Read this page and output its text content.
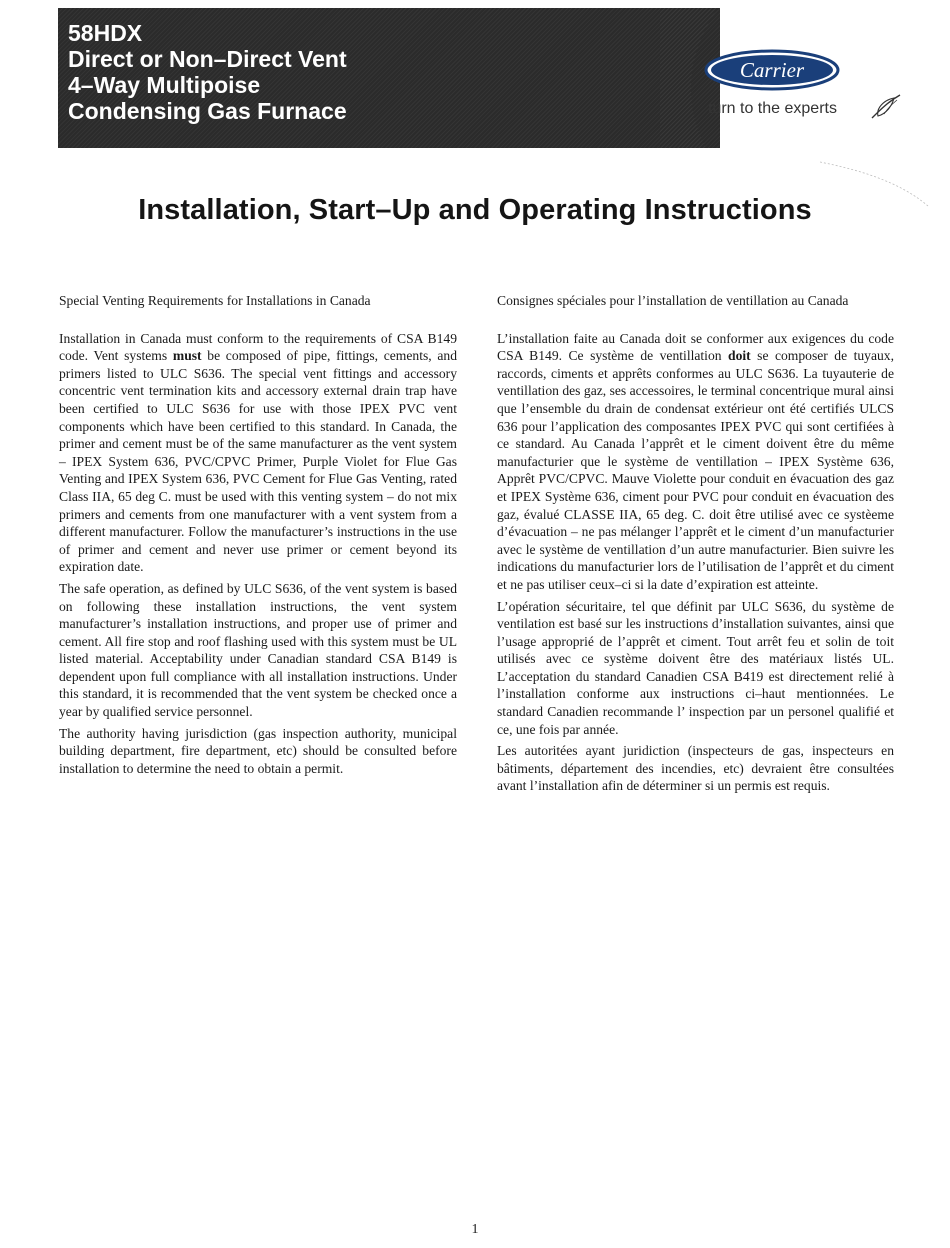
58HDX
Direct or Non–Direct Vent
4–Way Multipoise
Condensing Gas Furnace
Carrier
turn to the experts
Installation, Start–Up and Operating Instructions
Special Venting Requirements for Installations in Canada

Installation in Canada must conform to the requirements of CSA B149 code. Vent systems must be composed of pipe, fittings, cements, and primers listed to ULC S636. The special vent fittings and accessory concentric vent termination kits and accessory external drain trap have been certified to ULC S636 for use with those IPEX PVC vent components which have been certified to this standard. In Canada, the primer and cement must be of the same manufacturer as the vent system – IPEX System 636, PVC/CPVC Primer, Purple Violet for Flue Gas Venting and IPEX System 636, PVC Cement for Flue Gas Venting, rated Class IIA, 65 deg C. must be used with this venting system – do not mix primers and cements from one manufacturer with a vent system from a different manufacturer. Follow the manufacturer’s instructions in the use of primer and cement and never use primer or cement beyond its expiration date.

The safe operation, as defined by ULC S636, of the vent system is based on following these installation instructions, the vent system manufacturer’s installation instructions, and proper use of primer and cement. All fire stop and roof flashing used with this system must be UL listed material. Acceptability under Canadian standard CSA B149 is dependent upon full compliance with all installation instructions. Under this standard, it is recommended that the vent system be checked once a year by qualified service personnel.

The authority having jurisdiction (gas inspection authority, municipal building department, fire department, etc) should be consulted before installation to determine the need to obtain a permit.

Consignes spéciales pour l’installation de ventillation au Canada

L’installation faite au Canada doit se conformer aux exigences du code CSA B149. Ce système de ventillation doit se composer de tuyaux, raccords, ciments et apprêts conformes au ULC S636. La tuyauterie de ventillation des gaz, ses accessoires, le terminal concentrique mural ainsi que l’ensemble du drain de condensat extérieur ont été certifiés ULCS 636 pour l’application des composantes IPEX PVC qui sont certifiées à ce standard. Au Canada l’apprêt et le ciment doivent être du même manufacturier que le système de ventillation – IPEX Système 636, Apprêt PVC/CPVC. Mauve Violette pour conduit en évacuation des gaz et IPEX Système 636, ciment pour PVC pour conduit en évacuation des gaz, évalué CLASSE IIA, 65 deg. C. doit être utilisé avec ce systèeme d’évacuation – ne pas mélanger l’apprêt et le ciment d’un manufacturier avec le système de ventillation d’un autre manufacturier. Bien suivre les indications du manufacturier lors de l’utilisation de l’apprêt et du ciment et ne pas utiliser ceux–ci si la date d’expiration est atteinte.

L’opération sécuritaire, tel que définit par ULC S636, du système de ventilation est basé sur les instructions d’installation suivantes, ainsi que l’usage approprié de l’apprêt et ciment. Tout arrêt feu et solin de toit utilisés avec ce système doivent être des matériaux listés UL. L’acceptation du standard Canadien CSA B419 est directement relié à l’installation conforme aux instructions ci–haut mentionnées. Le standard Canadien recommande l’ inspection par un personel qualifié et ce, une fois par année.

Les autoritées ayant juridiction (inspecteurs de gas, inspecteurs en bâtiments, département des incendies, etc) devraient être consultées avant l’installation afin de déterminer si un permis est requis.

1
